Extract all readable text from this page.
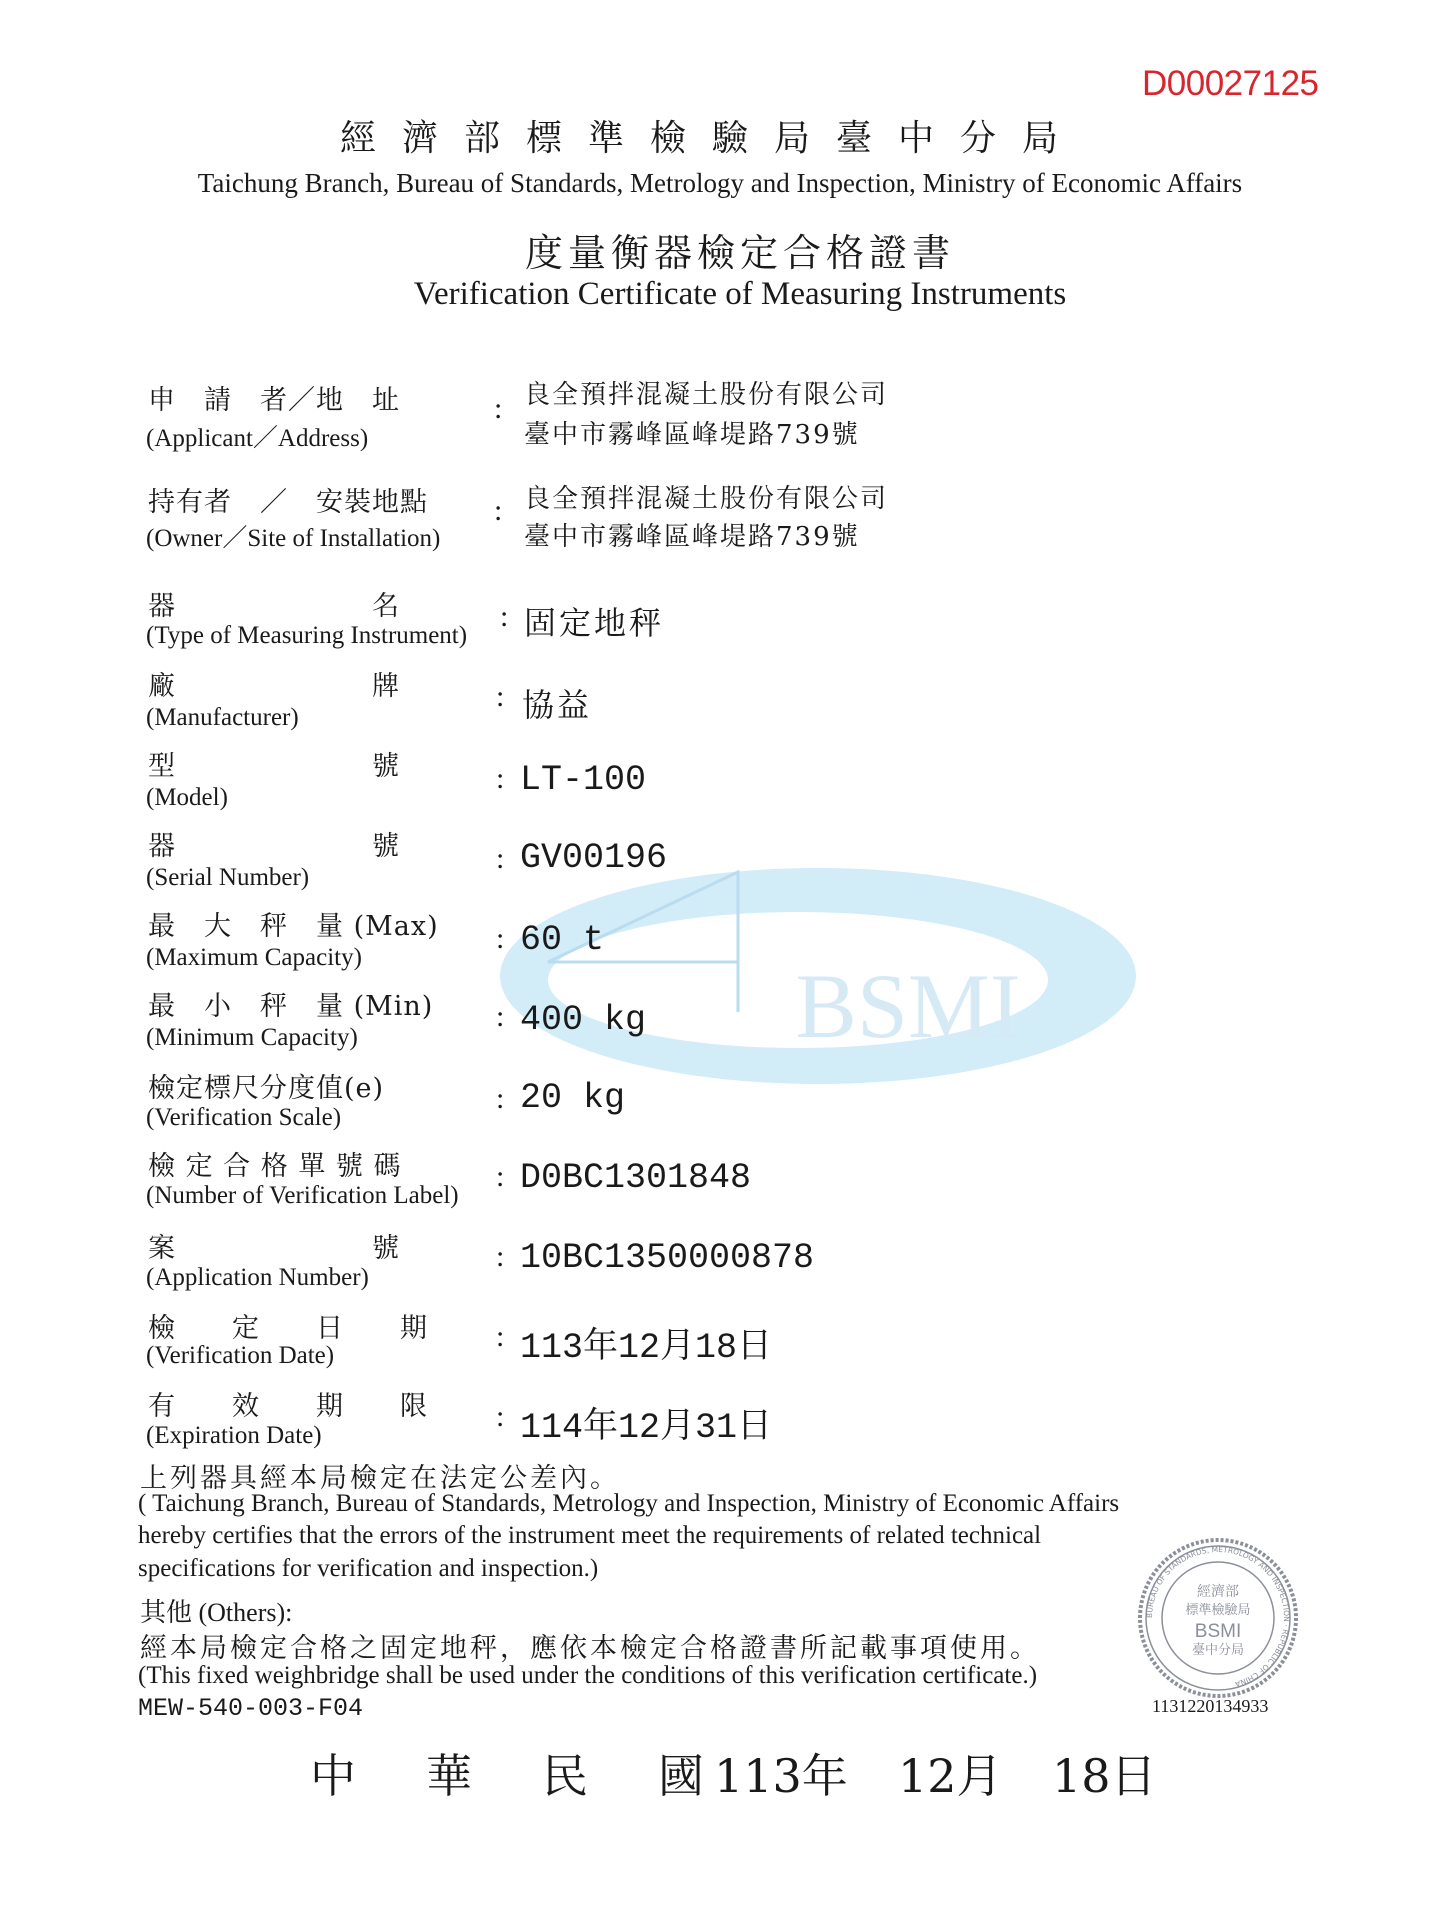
BSMI
D00027125
經濟部標準檢驗局臺中分局
Taichung Branch, Bureau of Standards, Metrology and Inspection, Ministry of Economic Affairs
度量衡器檢定合格證書
Verification Certificate of Measuring Instruments
申　請　者／地　址
(Applicant／Address)
: 良全預拌混凝土股份有限公司
臺中市霧峰區峰堤路739號
持有者　／　安裝地點
(Owner／Site of Installation)
: 良全預拌混凝土股份有限公司
臺中市霧峰區峰堤路739號
器　　　　　　　名
(Type of Measuring Instrument)
: 固定地秤
廠　　　　　　　牌
(Manufacturer)
: 協益
型　　　　　　　號
(Model)
: LT-100
器　　　　　　　號
(Serial Number)
: GV00196
最　大　秤　量 (Max)
(Maximum Capacity)
: 60 t
最　小　秤　量 (Min)
(Minimum Capacity)
: 400 kg
檢定標尺分度值(e)
(Verification Scale)
: 20 kg
檢 定 合 格 單 號 碼
(Number of Verification Label)
: D0BC1301848
案　　　　　　　號
(Application Number)
: 10BC1350000878
檢　　定　　日　　期
(Verification Date)
: 113年12月18日
有　　效　　期　　限
(Expiration Date)
: 114年12月31日
上列器具經本局檢定在法定公差內。
( Taichung Branch, Bureau of Standards, Metrology and Inspection, Ministry of Economic Affairs
hereby certifies that the errors of the instrument meet the requirements of related technical
specifications for verification and inspection.)
其他 (Others):
經本局檢定合格之固定地秤，應依本檢定合格證書所記載事項使用。
(This fixed weighbridge shall be used under the conditions of this verification certificate.)
MEW-540-003-F04
BUREAU OF STANDARDS, METROLOGY AND INSPECTION · REPUBLIC OF CHINA
經濟部
標準檢驗局
BSMI
臺中分局
1131220134933
中　華　民　國
113年 12月 18日
